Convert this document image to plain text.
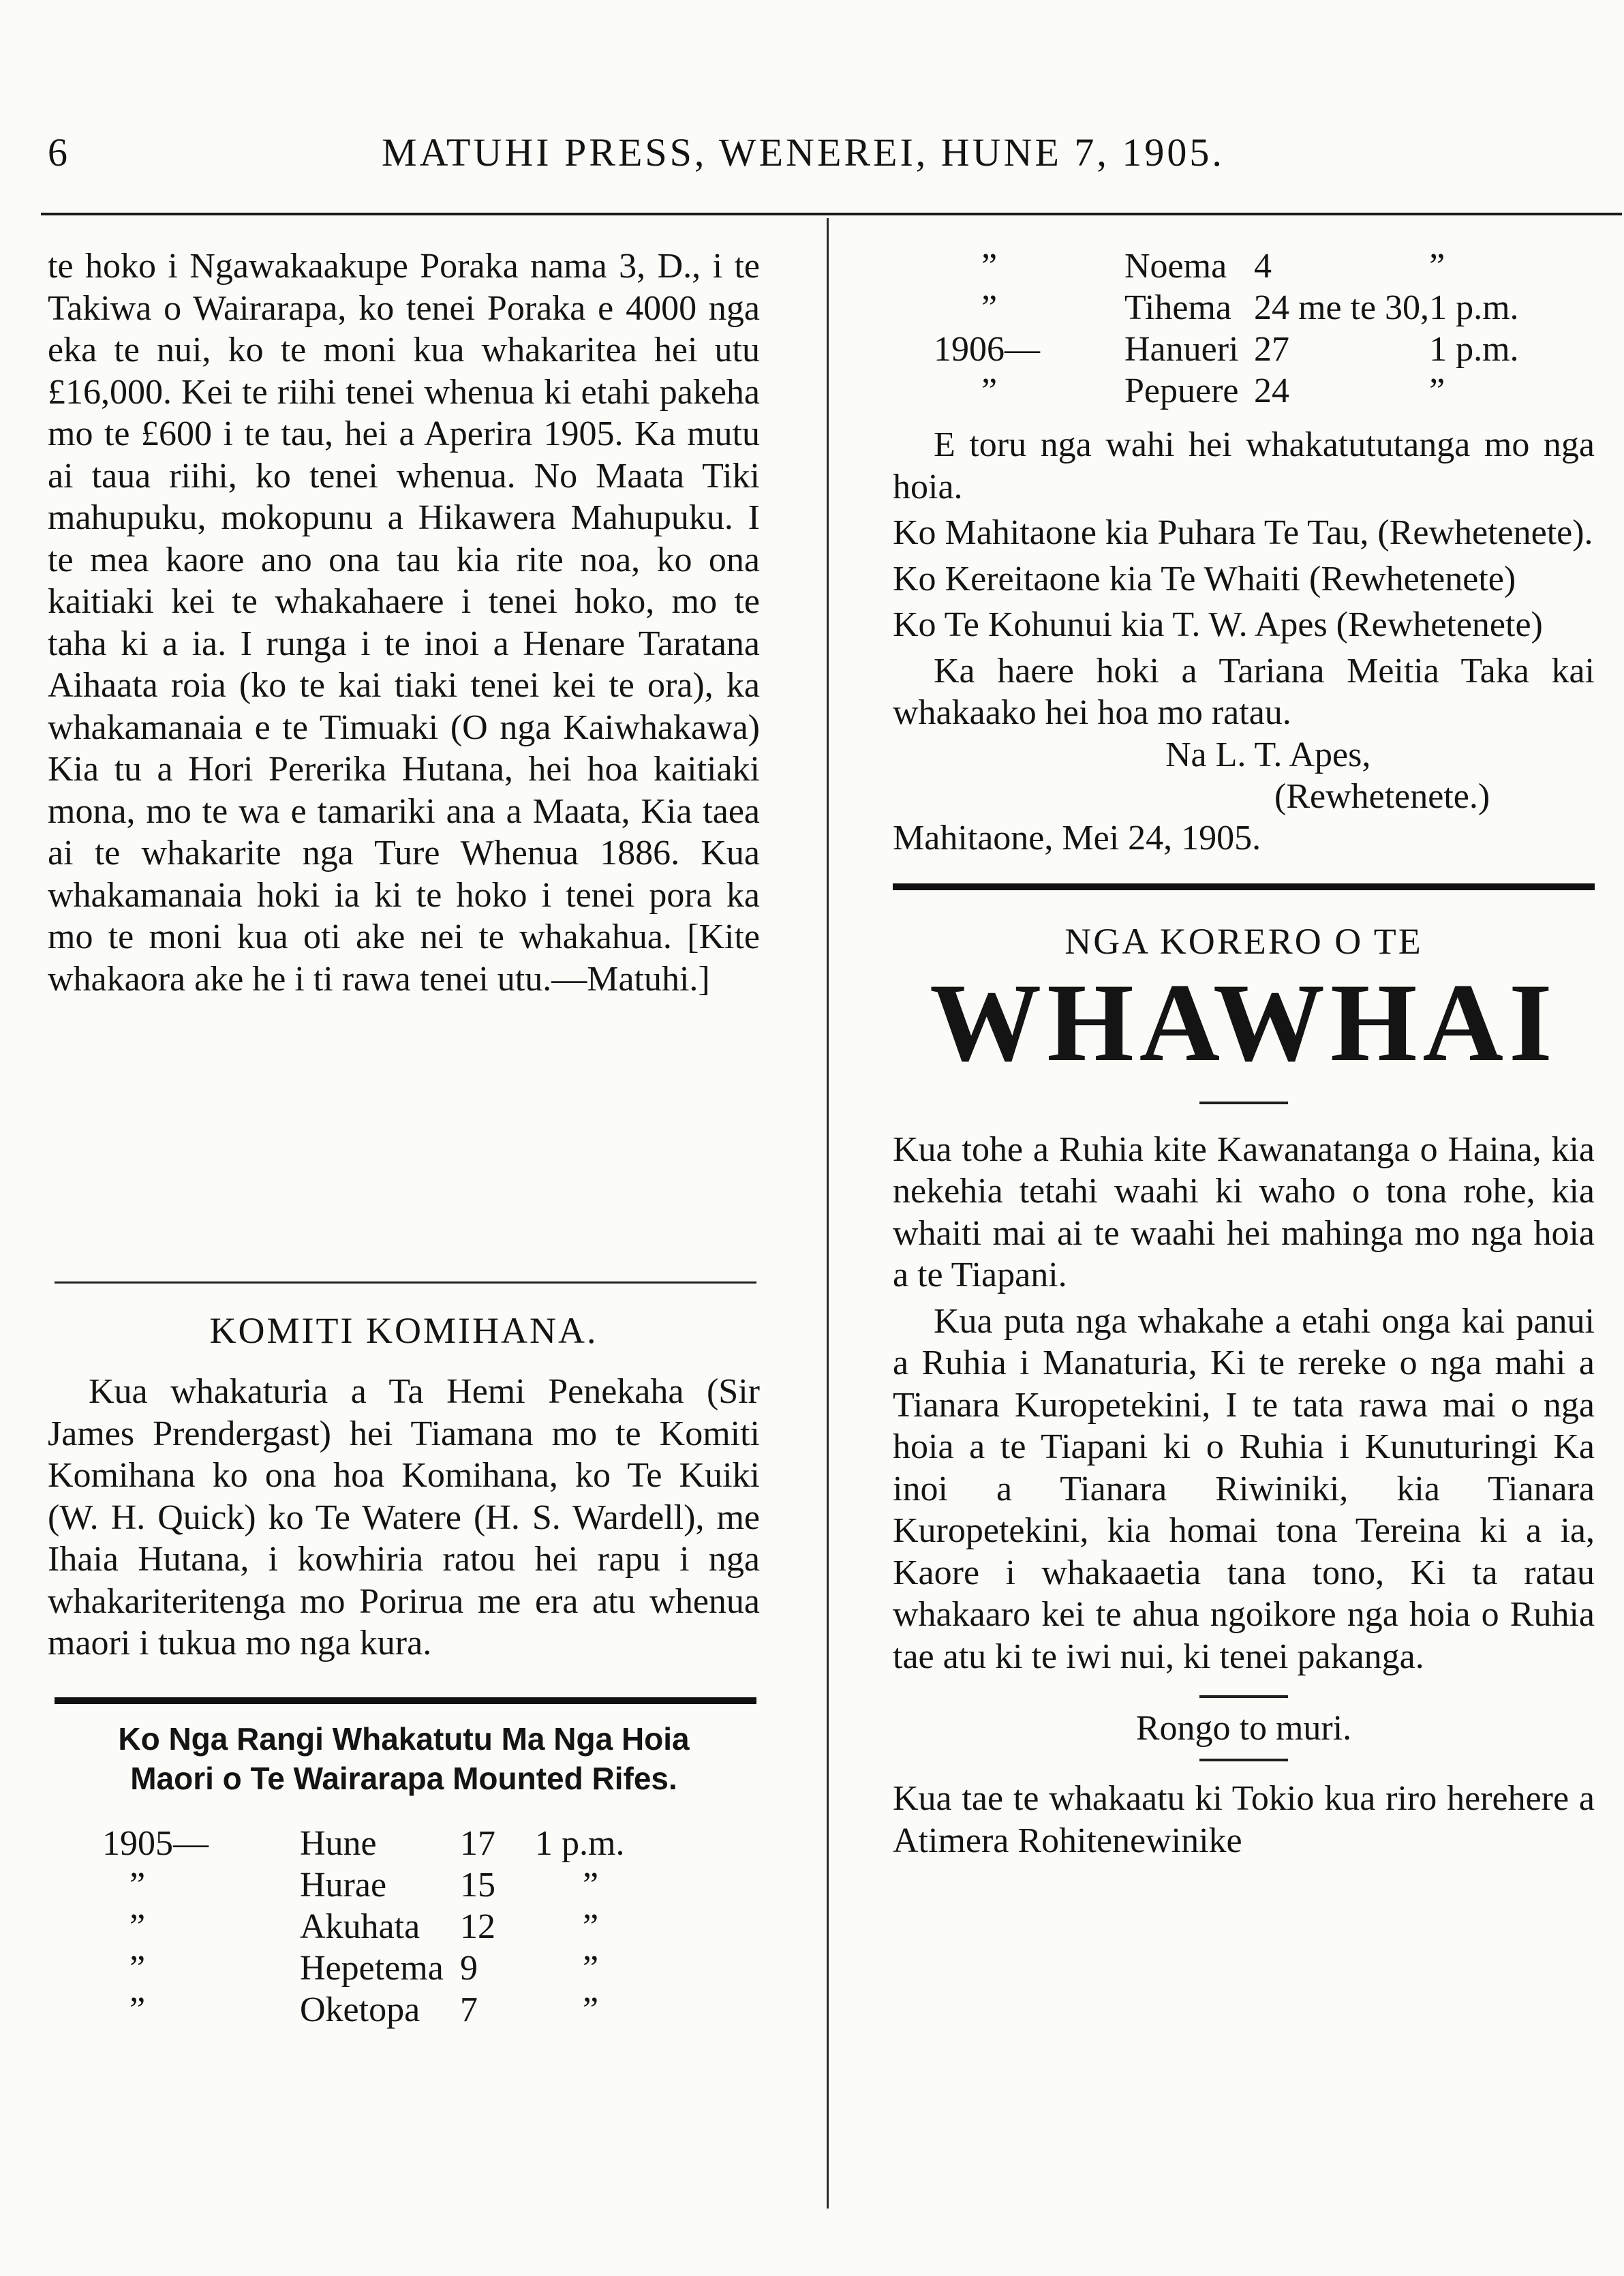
6	MATUHI PRESS, WENEREI, HUNE 7, 1905.

te hoko i Ngawakaakupe Poraka nama 3, D., i te Takiwa o Wairarapa, ko tenei Poraka e 4000 nga eka te nui, ko te moni kua whakaritea hei utu £16,000. Kei te riihi tenei whenua ki etahi pakeha mo te £600 i te tau, hei a Aperira 1905. Ka mutu ai taua riihi, ko tenei whenua. No Maata Tiki mahupuku, mokopunu a Hikawera Mahupuku. I te mea kaore ano ona tau kia rite noa, ko ona kaitiaki kei te whakahaere i tenei hoko, mo te taha ki a ia. I runga i te inoi a Henare Taratana Aihaata roia (ko te kai tiaki tenei kei te ora), ka whakamanaia e te Timuaki (O nga Kaiwhakawa) Kia tu a Hori Pererika Hutana, hei hoa kaitiaki mona, mo te wa e tamariki ana a Maata, Kia taea ai te whakarite nga Ture Whenua 1886. Kua whakamanaia hoki ia ki te hoko i tenei pora ka mo te moni kua oti ake nei te whakahua. [Kite whakaora ake he i ti rawa tenei utu.—Matuhi.]

KOMITI KOMIHANA.

Kua whakaturia a Ta Hemi Penekaha (Sir James Prendergast) hei Tiamana mo te Komiti Komihana ko ona hoa Komihana, ko Te Kuiki (W. H. Quick) ko Te Watere (H. S. Wardell), me Ihaia Hutana, i kowhiria ratou hei rapu i nga whakariteritenga mo Porirua me era atu whenua maori i tukua mo nga kura.

Ko Nga Rangi Whakatutu Ma Nga Hoia
Maori o Te Wairarapa Mounted Rifes.
1905—	Hune	17	1 p.m.
”	Hurae	15	”
”	Akuhata	12	”
”	Hepetema	9	”
”	Oketopa	7	”
”	Noema	4	”
”	Tihema	24 me te 30,	1 p.m.
1906—	Hanueri	27	1 p.m.
”	Pepuere	24	”

E toru nga wahi hei whakatututanga mo nga hoia.

Ko Mahitaone kia Puhara Te Tau, (Rewhetenete).

Ko Kereitaone kia Te Whaiti (Rewhetenete)

Ko Te Kohunui kia T. W. Apes (Rewhetenete)

Ka haere hoki a Tariana Meitia Taka kai whakaako hei hoa mo ratau.

Na L. T. Apes,
(Rewhetenete.)
Mahitaone, Mei 24, 1905.
NGA KORERO O TE
WHAWHAI

Kua tohe a Ruhia kite Kawanatanga o Haina, kia nekehia tetahi waahi ki waho o tona rohe, kia whaiti mai ai te waahi hei mahinga mo nga hoia a te Tiapani.

Kua puta nga whakahe a etahi onga kai panui a Ruhia i Manaturia, Ki te rereke o nga mahi a Tianara Kuropetekini, I te tata rawa mai o nga hoia a te Tiapani ki o Ruhia i Kunuturingi Ka inoi a Tianara Riwiniki, kia Tianara Kuropetekini, kia homai tona Tereina ki a ia, Kaore i whakaaetia tana tono, Ki ta ratau whakaaro kei te ahua ngoikore nga hoia o Ruhia tae atu ki te iwi nui, ki tenei pakanga.

Rongo to muri.

Kua tae te whakaatu ki Tokio kua riro herehere a Atimera Rohitenewinike
